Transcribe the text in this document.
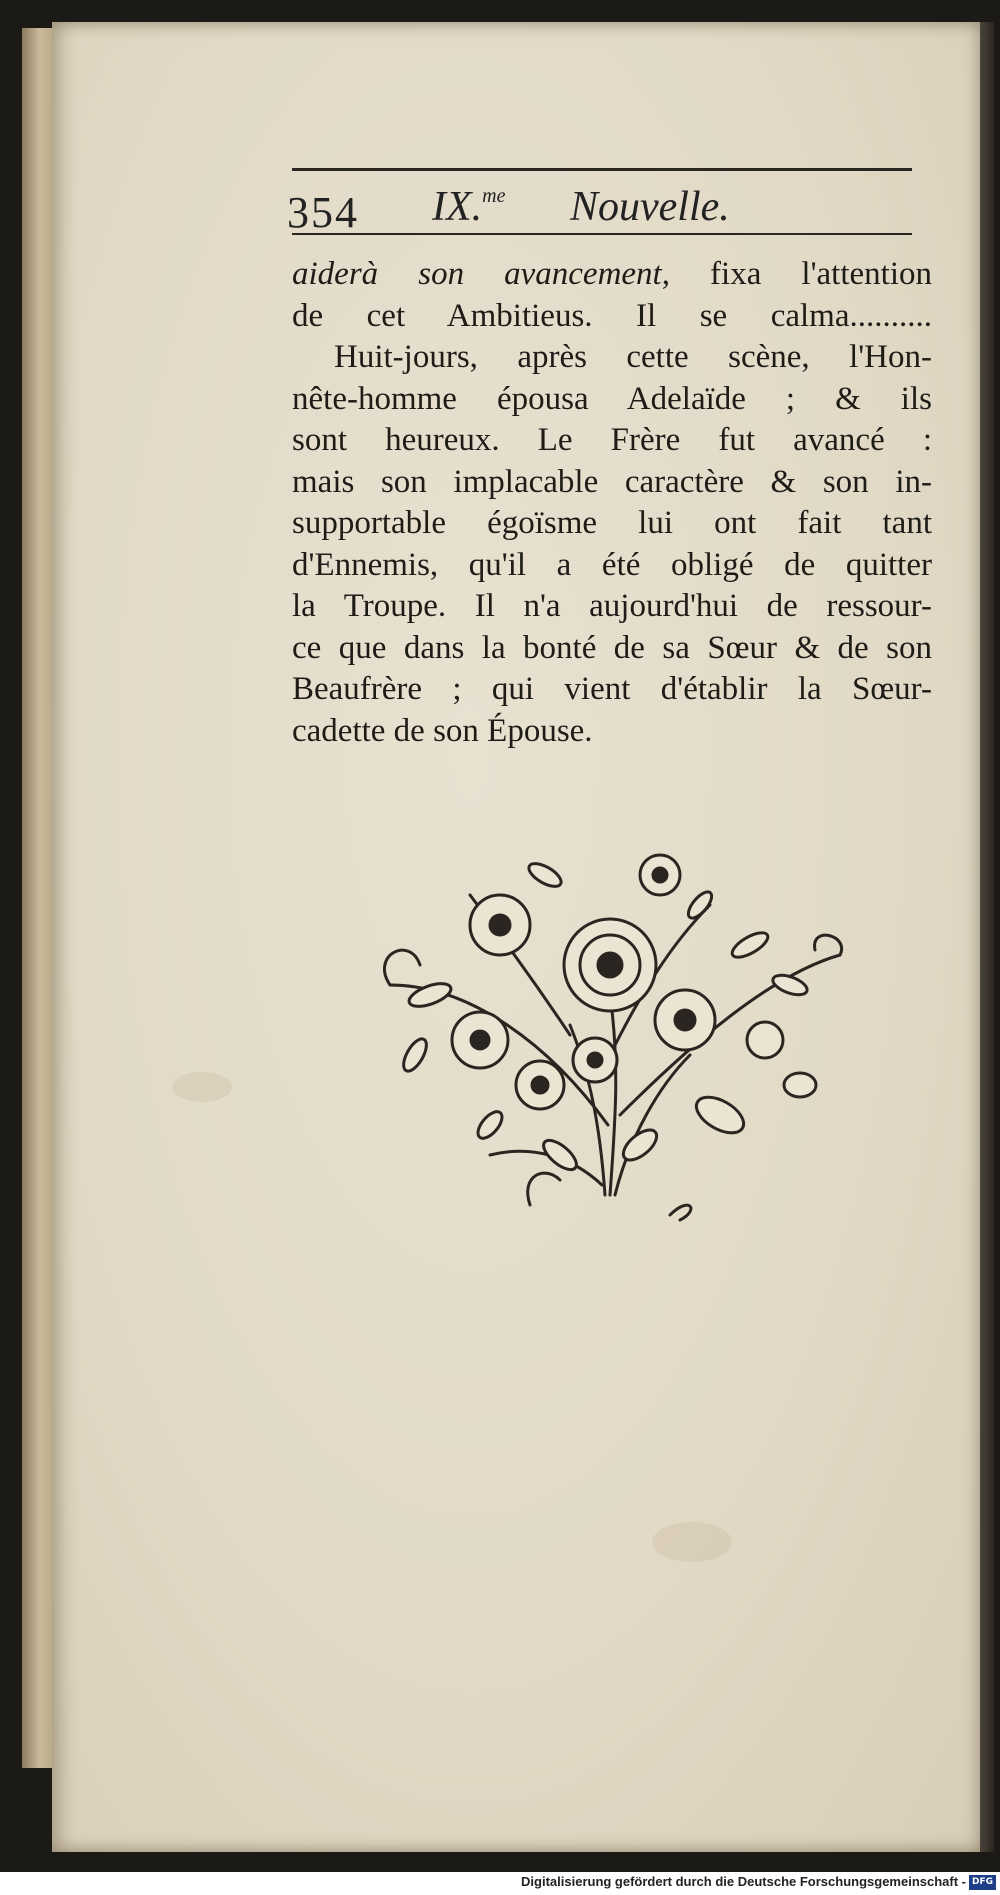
354 IX.$^{me}$ Nouvelle.
aiderà son avancement, fixa l'attention
de cet Ambitieus. Il se calma..........
Huit-jours, après cette scène, l'Hon-
nête-homme épousa Adelaïde ; & ils
sont heureux. Le Frère fut avancé :
mais son implacable caractère & son in-
supportable égoïsme lui ont fait tant
d'Ennemis, qu'il a été obligé de quitter
la Troupe. Il n'a aujourd'hui de ressour-
ce que dans la bonté de sa Sœur & de son
Beaufrère ; qui vient d'établir la Sœur-
cadette de son Épouse.
Digitalisierung gefördert durch die Deutsche Forschungsgemeinschaft - DFG
